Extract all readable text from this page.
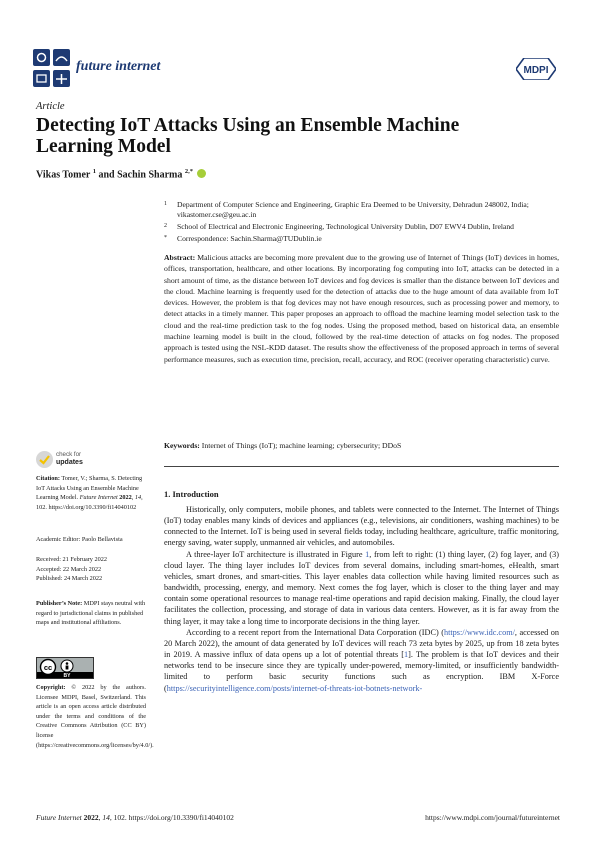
future internet	MDPI
Article
Detecting IoT Attacks Using an Ensemble Machine Learning Model
Vikas Tomer $^1$ and Sachin Sharma $^{2,*}$
1 Department of Computer Science and Engineering, Graphic Era Deemed to be University, Dehradun 248002, India; vikastomer.cse@geu.ac.in
2 School of Electrical and Electronic Engineering, Technological University Dublin, D07 EWV4 Dublin, Ireland
* Correspondence: Sachin.Sharma@TUDublin.ie
Abstract: Malicious attacks are becoming more prevalent due to the growing use of Internet of Things (IoT) devices in homes, offices, transportation, healthcare, and other locations. By incorporating fog computing into IoT, attacks can be detected in a short amount of time, as the distance between IoT devices and fog devices is smaller than the distance between IoT devices and the cloud. Machine learning is frequently used for the detection of attacks due to the huge amount of data available from IoT devices. However, the problem is that fog devices may not have enough resources, such as processing power and memory, to detect attacks in a timely manner. This paper proposes an approach to offload the machine learning model selection task to the cloud and the real-time prediction task to the fog nodes. Using the proposed method, based on historical data, an ensemble machine learning model is built in the cloud, followed by the real-time detection of attacks on fog nodes. The proposed approach is tested using the NSL-KDD dataset. The results show the effectiveness of the proposed approach in terms of several performance measures, such as execution time, precision, recall, accuracy, and ROC (receiver operating characteristic) curve.
Keywords: Internet of Things (IoT); machine learning; cybersecurity; DDoS
1. Introduction

Historically, only computers, mobile phones, and tablets were connected to the Internet. The Internet of Things (IoT) today enables many kinds of devices and appliances (e.g., televisions, air conditioners, washing machines) to be connected to the Internet. IoT is being used in several fields today, including healthcare, agriculture, traffic monitoring, energy saving, water supply, unmanned air vehicles, and automobiles.

A three-layer IoT architecture is illustrated in Figure 1, from left to right: (1) thing layer, (2) fog layer, and (3) cloud layer. The thing layer includes IoT devices from several domains, including smart-homes, eHealth, smart vehicles, smart drones, and smart-cities. This layer enables data collection while having limited resources such as bandwidth, processing, energy, and memory. Next comes the fog layer, which is closer to the thing layer and may contain some operational resources to manage real-time operations and rapid decision making. Finally, the cloud layer facilitates the collection, processing, and storage of data in various data centers. However, as it is far away from the thing layer, it may take a long time to incorporate decisions in the thing layer.

According to a recent report from the International Data Corporation (IDC) (https://www.idc.com/, accessed on 20 March 2022), the amount of data generated by IoT devices will reach 73 zeta bytes by 2025, up from 18 zeta bytes in 2019. A massive influx of data opens up a lot of potential threats [1]. The problem is that IoT devices and their networks tend to be insecure since they are typically under-powered, memory-limited, or insufficiently bandwidth-limited to perform basic security functions such as encryption. IBM X-Force (https://securityintelligence.com/posts/internet-of-threats-iot-botnets-network-

check for
updates
Citation: Tomer, V.; Sharma, S. Detecting IoT Attacks Using an Ensemble Machine Learning Model. Future Internet 2022, 14, 102. https://doi.org/10.3390/fi14040102
Academic Editor: Paolo Bellavista
Received: 21 February 2022
Accepted: 22 March 2022
Published: 24 March 2022
Publisher’s Note: MDPI stays neutral with regard to jurisdictional claims in published maps and institutional affiliations.
cc
BY
Copyright: © 2022 by the authors. Licensee MDPI, Basel, Switzerland. This article is an open access article distributed under the terms and conditions of the Creative Commons Attribution (CC BY) license (https://creativecommons.org/licenses/by/4.0/).
Future Internet 2022, 14, 102. https://doi.org/10.3390/fi14040102	https://www.mdpi.com/journal/futureinternet
